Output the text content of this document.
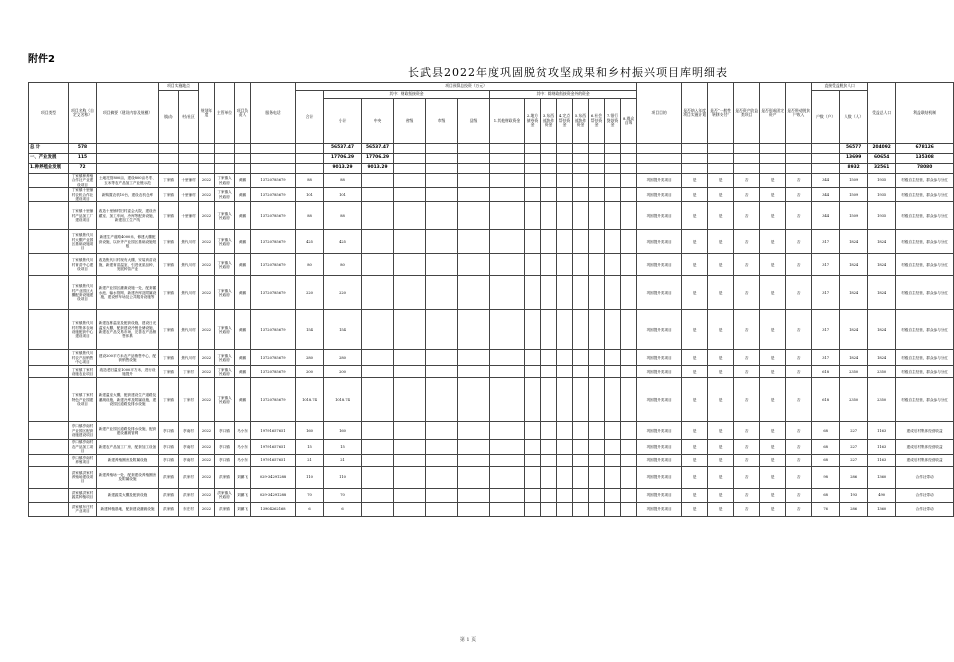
附件2
长武县2022年度巩固脱贫攻坚成果和乡村振兴项目库明细表
项目类型	项目名称（自定义名称）	项目摘要（建设内容及规模）	项目实施地点		规划年度	主管单位	项目负责人	服务电话	项目预算总投资（万元）														项目目的	是否纳入年度项目实施计划	是否“一般性转移支付”	是否资产收益类项目	是否形成固定资产	是否带动脱贫户收入	直接受益脱贫人口		受益总人口	利益联结机制	
			镇/办	村/社区					合计	其中：财政衔接资金					其中：除财政衔接资金外的资金														户数（户）	人数（人）			
										小计	中央	省级	市级	县级	1.其他财政资金	2.地方债券资金	3.东西部协作资金	4.定点帮扶资金	5.东西部协作资金	6.社会帮扶资金	7.银行贷款资金	8.群众自筹											
总 计	578									56537.47	56537.47																			56577	204092	678126	
一、产业发展	115									17706.29	17706.29																			13699	60654	135308	
1.种养殖业发展	72									9013.29	9013.29																			8932	32561	78080	
	丁家镇种养殖合作社产业建设项目	土地托管800亩，建设800亩冬枣、玉米等农产品加工产业链示范	丁家镇	十里铺村	2022	丁家镇人民政府	黄鹏	13720785679	88	88													巩固提升类项目	是	是	否	是	否	344	1509	1935	村级自主经营，群众参与分红	
	丁家镇十里铺村农机合作社建设项目	新购置农机10台，建设农机仓库	丁家镇	十里铺村	2022	丁家镇人民政府	黄鹏	13720785679	101	101													巩固提升类项目	是	是	否	是	否	344	1509	1935	村级自主经营，群众参与分红	
	丁家镇十里铺村产品加工厂建设项目	改造十里铺村旧村委会大院，建设冷藏室、加工车间、冷库等配套设施，新建加工生产线	丁家镇	十里铺村	2022	丁家镇人民政府	黄鹏	13720785679	88	88													巩固提升类项目	是	是	否	是	否	344	1509	1935	村级自主经营，群众参与分红	
	丁家镇焦代川村大棚产业园区基础设施项目	新建生产道路4000米，修建大棚配套设施，以补齐产业园区基础设施短板	丁家镇	焦代川村	2022	丁家镇人民政府	黄鹏	13720785679	425	425													巩固提升类项目	是	是	否	是	否	317	1824	1824	村级自主经营，群众参与分红	
	丁家镇焦代川村育苗中心建设项目	改造焦代川村现有大棚，安装育苗设施，新建育苗温室，引进优质品种，发展种苗产业	丁家镇	焦代川村	2022	丁家镇人民政府	黄鹏	13720785679	80	80													巩固提升类项目	是	是	否	是	否	317	1824	1824	村级自主经营，群众参与分红	
	丁家镇焦代川村产业园区大棚配套设施建设项目	新建产业园区灌溉设施一处，配套蓄水池、输水管网，新建冷库及附属设施，建设停车场及公共服务设施等	丁家镇	焦代川村	2022	丁家镇人民政府	黄鹏	13720785679	220	220													巩固提升类项目	是	是	否	是	否	317	1824	1824	村级自主经营，群众参与分红	
	丁家镇焦代川村村集体农场设施配套中心建设项目	新建连栋温室及配套设施，建设日光温室大棚，配套建设冷链仓储设施，新建农产品交易市场，完善农产品销售体系	丁家镇	焦代川村	2022	丁家镇人民政府	黄鹏	13720785679	154	154													巩固提升类项目	是	是	否	是	否	317	1824	1824	村级自主经营，群众参与分红	
	丁家镇焦代川村农产品销售中心项目	建设200平方米农产品销售中心，配套销售设施	丁家镇	焦代川村	2022	丁家镇人民政府	黄鹏	13720785679	280	280													巩固提升类项目	是	是	否	是	否	317	1824	1824	村级自主经营，群众参与分红	
	丁家镇丁家村设施农业项目	改造老旧温室1000平方米，进行设施提升	丁家镇	丁家村	2022	丁家镇人民政府	黄鹏	13720785679	200	200													巩固提升类项目	是	是	否	是	否	618	2350	2350	村级自主经营，群众参与分红	
	丁家镇丁家村特色产业园建设项目	新建温室大棚，配套建设生产道路及灌溉设施，新建冷库及附属设施，建设园区道路及排水设施	丁家镇	丁家村	2022	丁家镇人民政府	黄鹏	13720785679	1018.74	1018.74													巩固提升类项目	是	是	否	是	否	618	2350	2350	村级自主经营，群众参与分红	
	亭口镇亭南村产业园区配套设施建设项目	新建产业园区道路及排水设施，配套建设灌溉管网	亭口镇	亭南村	2022	亭口镇	马小东	19791657651	160	160													巩固提升类项目	是	是	否	是	否	68	227	1163	建成后村集体经营收益	
	亭口镇亭南村农产品加工项目	新建农产品加工厂房，配套加工设备	亭口镇	亭南村	2022	亭口镇	马小东	19791657651	15	15													巩固提升类项目	是	是	否	是	否	68	227	1163	建成后村集体经营收益	
	亭口镇亭南村养殖项目	新建养殖圈舍及附属设施	亭口镇	亭南村	2022	亭口镇	马小东	19791657651	21	21													巩固提升类项目	是	是	否	是	否	68	227	1163	建成后村集体经营收益	
	洪家镇洪家村养殖场建设项目	新建养殖场一处，配套建设养殖圈舍及附属设施	洪家镇	洪家村	2022	洪家镇	刘鹏飞	029-34291288	110	110													巩固提升类项目	是	是	否	是	否	98	286	1360	合作社带动	
	洪家镇洪家村蔬菜种植项目	新建蔬菜大棚及配套设施	洪家镇	洪家村	2022	洪家镇人民政府	刘鹏飞	029-34291288	70	70													巩固提升类项目	是	是	否	是	否	68	193	490	合作社带动	
	洪家镇东庄村产业项目	新建种植基地，配套建设灌溉设施	洪家镇	东庄村	2022	洪家镇	刘鹏飞	13904262168	6	6													巩固提升类项目	是	是	否	是	否	76	286	1360	合作社带动	
第 1 页
